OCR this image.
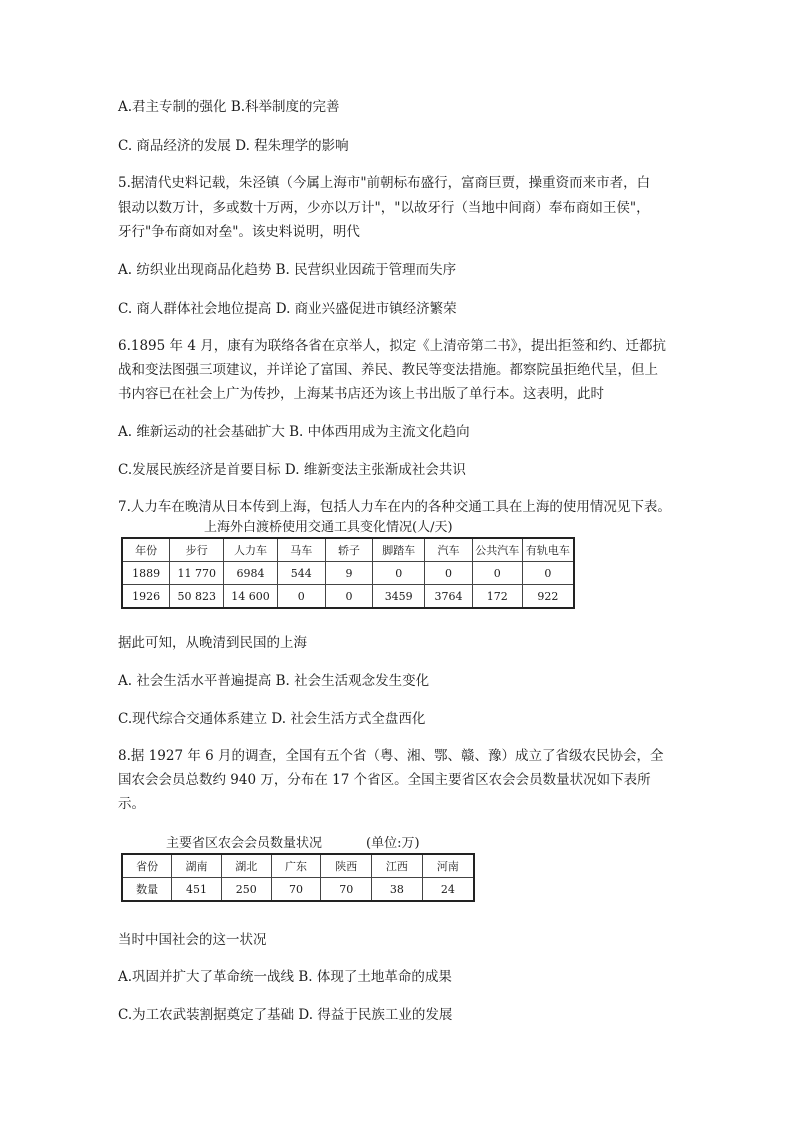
A.君主专制的强化 B.科举制度的完善
C. 商品经济的发展 D. 程朱理学的影响
5.据清代史料记载，朱泾镇（今属上海市"前朝标布盛行，富商巨贾，操重资而来市者，白
银动以数万计，多或数十万两，少亦以万计"，"以故牙行（当地中间商）奉布商如王侯"，
牙行"争布商如对垒"。该史料说明，明代
A. 纺织业出现商品化趋势 B. 民营织业因疏于管理而失序
C. 商人群体社会地位提高 D. 商业兴盛促进市镇经济繁荣
6.1895 年 4 月，康有为联络各省在京举人，拟定《上清帝第二书》，提出拒签和约、迁都抗
战和变法图强三项建议，并详论了富国、养民、教民等变法措施。都察院虽拒绝代呈，但上
书内容已在社会上广为传抄，上海某书店还为该上书出版了单行本。这表明，此时
A. 维新运动的社会基础扩大 B. 中体西用成为主流文化趋向
C.发展民族经济是首要目标 D. 维新变法主张渐成社会共识
7.人力车在晚清从日本传到上海，包括人力车在内的各种交通工具在上海的使用情况见下表。
上海外白渡桥使用交通工具变化情况(人/天)
年份	步行	人力车	马车	轿子	脚踏车	汽车	公共汽车	有轨电车
1889	11 770	6984	544	9	0	0	0	0
1926	50 823	14 600	0	0	3459	3764	172	922
据此可知，从晚清到民国的上海
A. 社会生活水平普遍提高 B. 社会生活观念发生变化
C.现代综合交通体系建立 D. 社会生活方式全盘西化
8.据 1927 年 6 月的调查，全国有五个省（粤、湘、鄂、赣、豫）成立了省级农民协会，全
国农会会员总数约 940 万，分布在 17 个省区。全国主要省区农会会员数量状况如下表所
示。
主要省区农会会员数量状况	(单位:万)
省份	湖南	湖北	广东	陕西	江西	河南
数量	451	250	70	70	38	24
当时中国社会的这一状况
A.巩固并扩大了革命统一战线 B. 体现了土地革命的成果
C.为工农武装割据奠定了基础 D. 得益于民族工业的发展
